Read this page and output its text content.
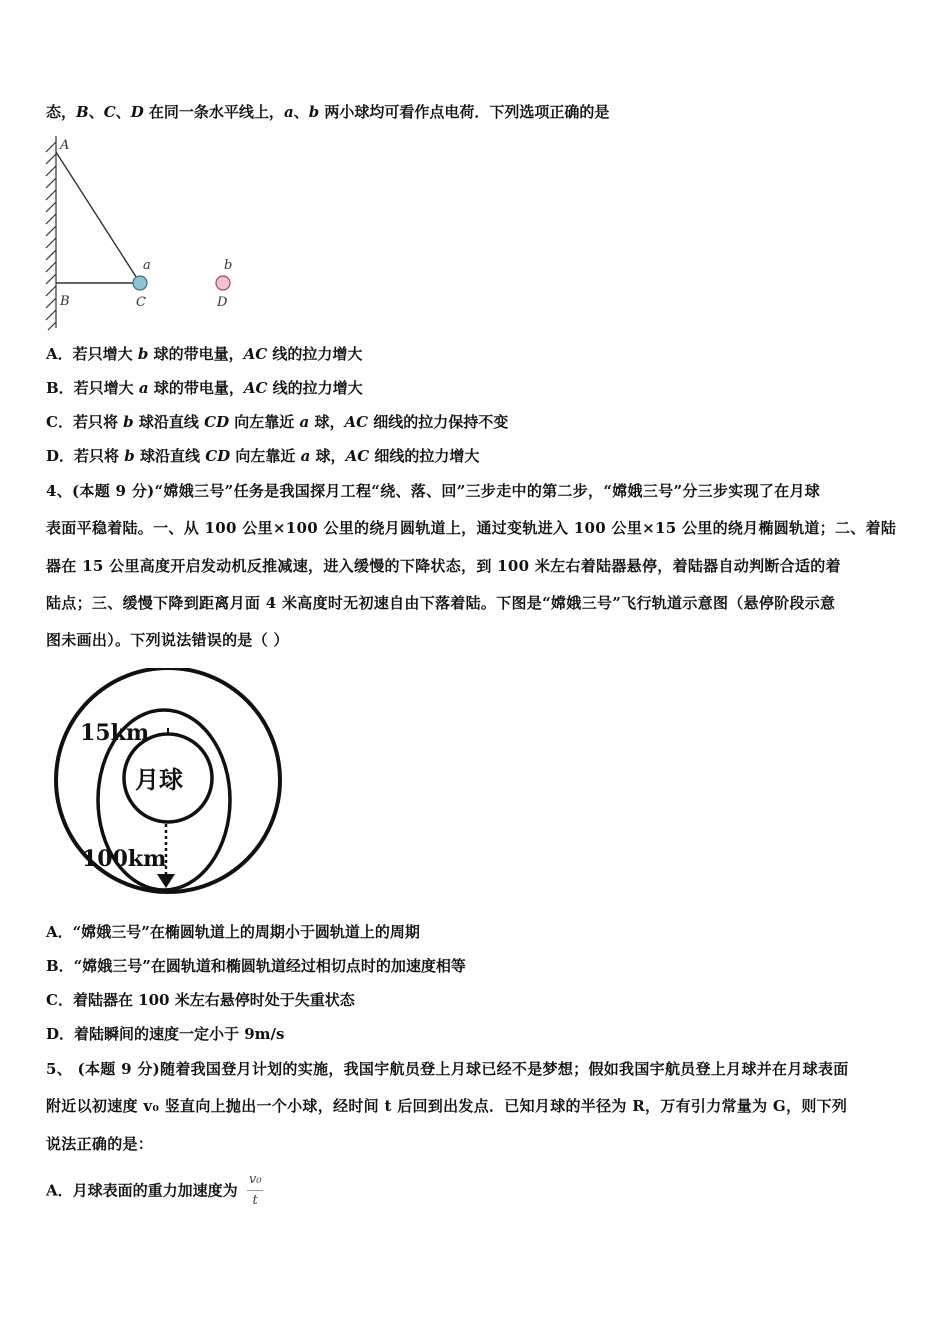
态，B、C、D 在同一条水平线上，a、b 两小球均可看作点电荷．下列选项正确的是
A
B	C	D
a	b
A．若只增大 b 球的带电量，AC 线的拉力增大
B．若只增大 a 球的带电量，AC 线的拉力增大
C．若只将 b 球沿直线 CD 向左靠近 a 球，AC 细线的拉力保持不变
D．若只将 b 球沿直线 CD 向左靠近 a 球，AC 细线的拉力增大
4、(本题 9 分)“嫦娥三号”任务是我国探月工程“绕、落、回”三步走中的第二步，“嫦娥三号”分三步实现了在月球
表面平稳着陆。一、从 100 公里×100 公里的绕月圆轨道上，通过变轨进入 100 公里×15 公里的绕月椭圆轨道；二、着陆
器在 15 公里高度开启发动机反推减速，进入缓慢的下降状态，到 100 米左右着陆器悬停，着陆器自动判断合适的着
陆点；三、缓慢下降到距离月面 4 米高度时无初速自由下落着陆。下图是“嫦娥三号”飞行轨道示意图（悬停阶段示意
图未画出）。下列说法错误的是（ ）
15km
月球
100km
A．“嫦娥三号”在椭圆轨道上的周期小于圆轨道上的周期
B．“嫦娥三号”在圆轨道和椭圆轨道经过相切点时的加速度相等
C．着陆器在 100 米左右悬停时处于失重状态
D．着陆瞬间的速度一定小于 9m/s
5、 (本题 9 分)随着我国登月计划的实施，我国宇航员登上月球已经不是梦想；假如我国宇航员登上月球并在月球表面
附近以初速度 v₀ 竖直向上抛出一个小球，经时间 t 后回到出发点．已知月球的半径为 R，万有引力常量为 G，则下列
说法正确的是：
A．月球表面的重力加速度为 $\frac{\text{v₀}}{t}$
